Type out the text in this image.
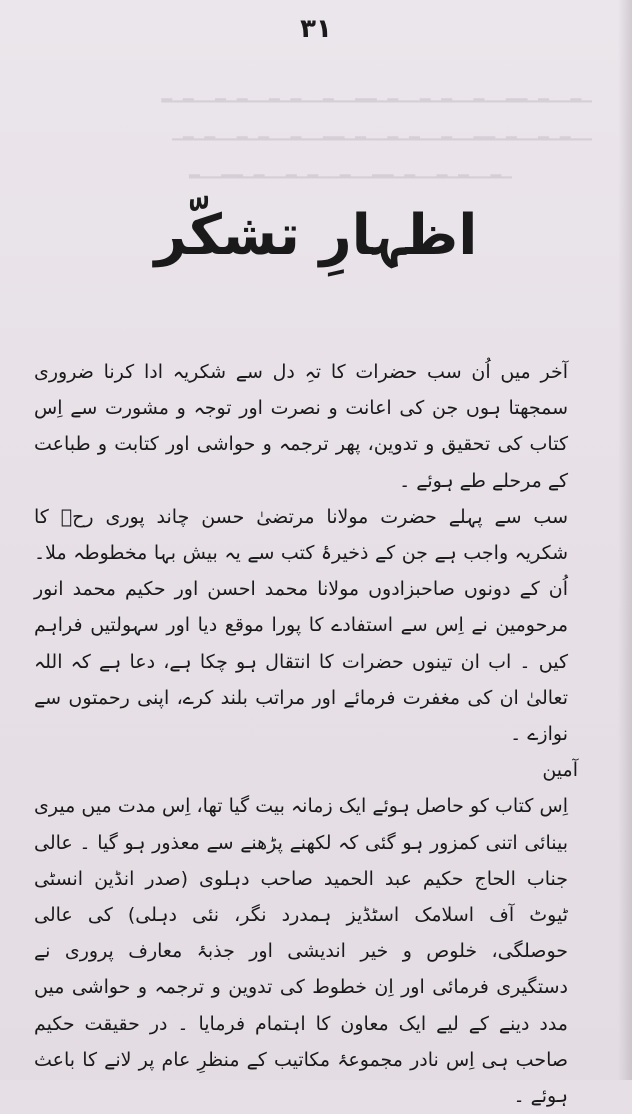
۳۱
▁▂▁▁▂▁▂▂▁▁▂▁▁▂▁▂▁▁▂▁▂▂▁▁▂▁▁▂▁▂▁▁▂▁▂▁▁▂▁▂
▁▁▂▁▂▁▁▂▁▂▂▁▁▂▁▁▂▁▂▁▁▂▁▂▂▁▁▂▁▁▂▁▂▁▁▂▁▂▁
▁▂▁▁▂▁▂▁▁▂▁▂▂▁▁▂▁▁▂▁▂▁▁▂▁▂▂▁▁▂
اظہارِ تشکّر

آخر میں اُن سب حضرات کا تہِ دل سے شکریہ ادا کرنا ضروری سمجھتا ہوں جن کی اعانت و نصرت اور توجہ و مشورت سے اِس کتاب کی تحقیق و تدوین، پھر ترجمہ و حواشی اور کتابت و طباعت کے مرحلے طے ہوئے ۔

سب سے پہلے حضرت مولانا مرتضیٰ حسن چاند پوری رحؒ کا شکریہ واجب ہے جن کے ذخیرۂ کتب سے یہ بیش بہا مخطوطہ ملا۔ اُن کے دونوں صاحبزادوں مولانا محمد احسن اور حکیم محمد انور مرحومین نے اِس سے استفادے کا پورا موقع دیا اور سہولتیں فراہم کیں ۔ اب ان تینوں حضرات کا انتقال ہو چکا ہے، دعا ہے کہ اللہ تعالیٰ ان کی مغفرت فرمائے اور مراتب بلند کرے، اپنی رحمتوں سے نوازے ۔

آمین

اِس کتاب کو حاصل ہوئے ایک زمانہ بیت گیا تھا، اِس مدت میں میری بینائی اتنی کمزور ہو گئی کہ لکھنے پڑھنے سے معذور ہو گیا ۔ عالی جناب الحاج حکیم عبد الحمید صاحب دہلوی (صدر انڈین انسٹی ٹیوٹ آف اسلامک اسٹڈیز ہمدرد نگر، نئی دہلی) کی عالی حوصلگی، خلوص و خیر اندیشی اور جذبۂ معارف پروری نے دستگیری فرمائی اور اِن خطوط کی تدوین و ترجمہ و حواشی میں مدد دینے کے لیے ایک معاون کا اہتمام فرمایا ۔ در حقیقت حکیم صاحب ہی اِس نادر مجموعۂ مکاتیب کے منظرِ عام پر لانے کا باعث ہوئے ۔
